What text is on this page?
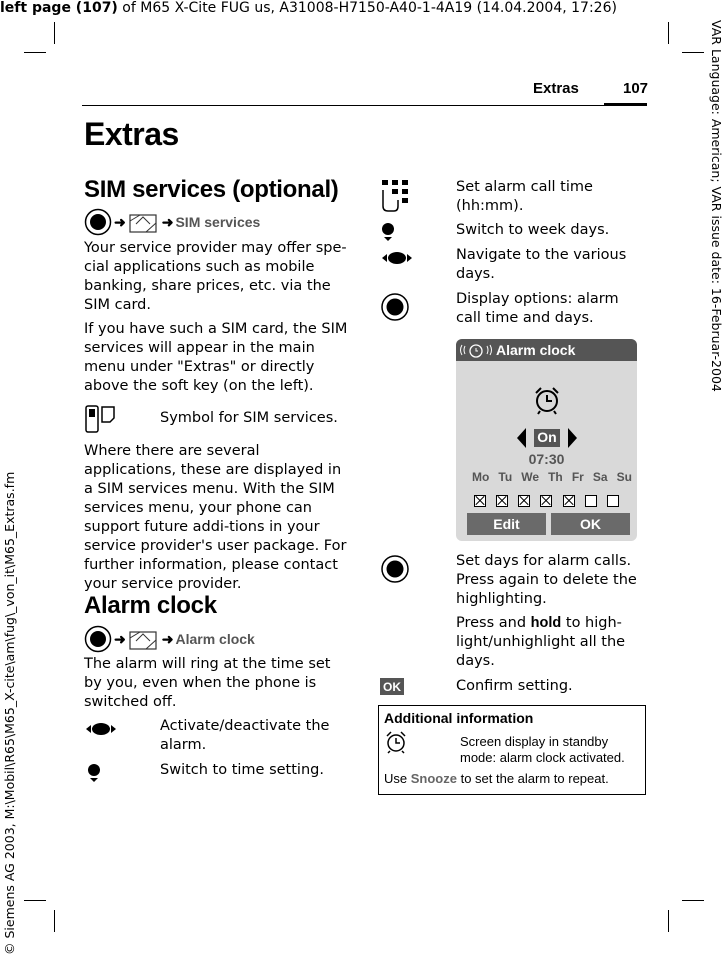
left page (107) of M65 X-Cite FUG us, A31008-H7150-A40-1-4A19 (14.04.2004, 17:26)
VAR Language: American; VAR issue date: 16-Februar-2004
© Siemens AG 2003, M:\Mobil\R65\M65_X-cite\am\fug\_von_it\M65_Extras.fm
Extras	107
Extras
SIM services (optional)
➜	➜ SIM services
Your service provider may offer spe-cial applications such as mobile banking, share prices, etc. via the SIM card.
If you have such a SIM card, the SIM services will appear in the main menu under "Extras" or directly above the soft key (on the left).
Symbol for SIM services.
Where there are several applications, these are displayed in a SIM services menu. With the SIM services menu, your phone can support future addi-tions in your service provider's user package. For further information, please contact your service provider.
Alarm clock
➜	➜ Alarm clock
The alarm will ring at the time set by you, even when the phone is switched off.
Activate/deactivate the alarm.
Switch to time setting.
Set alarm call time (hh:mm).
Switch to week days.
Navigate to the various days.
Display options: alarm call time and days.
Alarm clock
On
07:30
Mo Tu We Th Fr Sa Su
Edit	OK
Set days for alarm calls. Press again to delete the highlighting.
Press and hold to high-light/unhighlight all the days.
OK	Confirm setting.
Additional information
Screen display in standby mode: alarm clock activated.
Use Snooze to set the alarm to repeat.
